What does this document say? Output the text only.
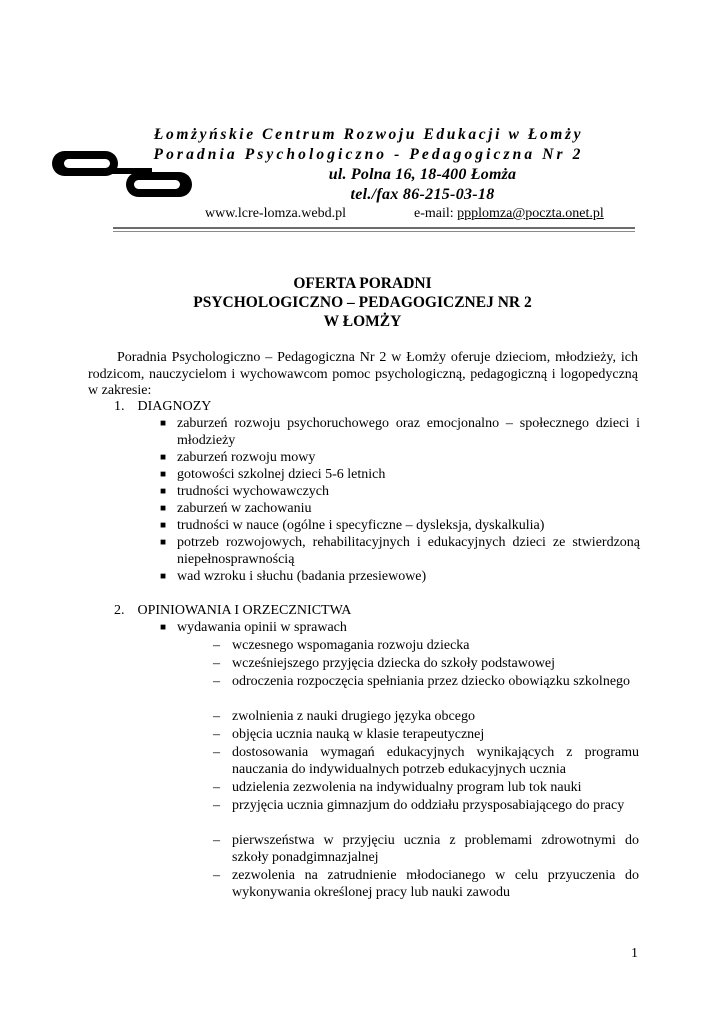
Łomżyńskie Centrum Rozwoju Edukacji w Łomży
Poradnia Psychologiczno - Pedagogiczna Nr 2
ul. Polna 16, 18-400 Łomża
tel./fax 86-215-03-18
www.lcre-lomza.webd.pl	e-mail: ppplomza@poczta.onet.pl
OFERTA PORADNI
PSYCHOLOGICZNO – PEDAGOGICZNEJ NR 2
W ŁOMŻY

Poradnia Psychologiczno – Pedagogiczna Nr 2 w Łomży oferuje dzieciom, młodzieży, ich rodzicom, nauczycielom i wychowawcom pomoc psychologiczną, pedagogiczną i logopedyczną w zakresie:

1. DIAGNOZY
■ zaburzeń rozwoju psychoruchowego oraz emocjonalno – społecznego dzieci i młodzieży
■ zaburzeń rozwoju mowy
■ gotowości szkolnej dzieci 5-6 letnich
■ trudności wychowawczych
■ zaburzeń w zachowaniu
■ trudności w nauce (ogólne i specyficzne – dysleksja, dyskalkulia)
■ potrzeb rozwojowych, rehabilitacyjnych i edukacyjnych dzieci ze stwierdzoną niepełnosprawnością
■ wad wzroku i słuchu (badania przesiewowe)
2. OPINIOWANIA I ORZECZNICTWA
■ wydawania opinii w sprawach
– wczesnego wspomagania rozwoju dziecka
– wcześniejszego przyjęcia dziecka do szkoły podstawowej
– odroczenia rozpoczęcia spełniania przez dziecko obowiązku szkolnego
– zwolnienia z nauki drugiego języka obcego
– objęcia ucznia nauką w klasie terapeutycznej
– dostosowania wymagań edukacyjnych wynikających z programu nauczania do indywidualnych potrzeb edukacyjnych ucznia
– udzielenia zezwolenia na indywidualny program lub tok nauki
– przyjęcia ucznia gimnazjum do oddziału przysposabiającego do pracy
– pierwszeństwa w przyjęciu ucznia z problemami zdrowotnymi do szkoły ponadgimnazjalnej
– zezwolenia na zatrudnienie młodocianego w celu przyuczenia do wykonywania określonej pracy lub nauki zawodu
1
